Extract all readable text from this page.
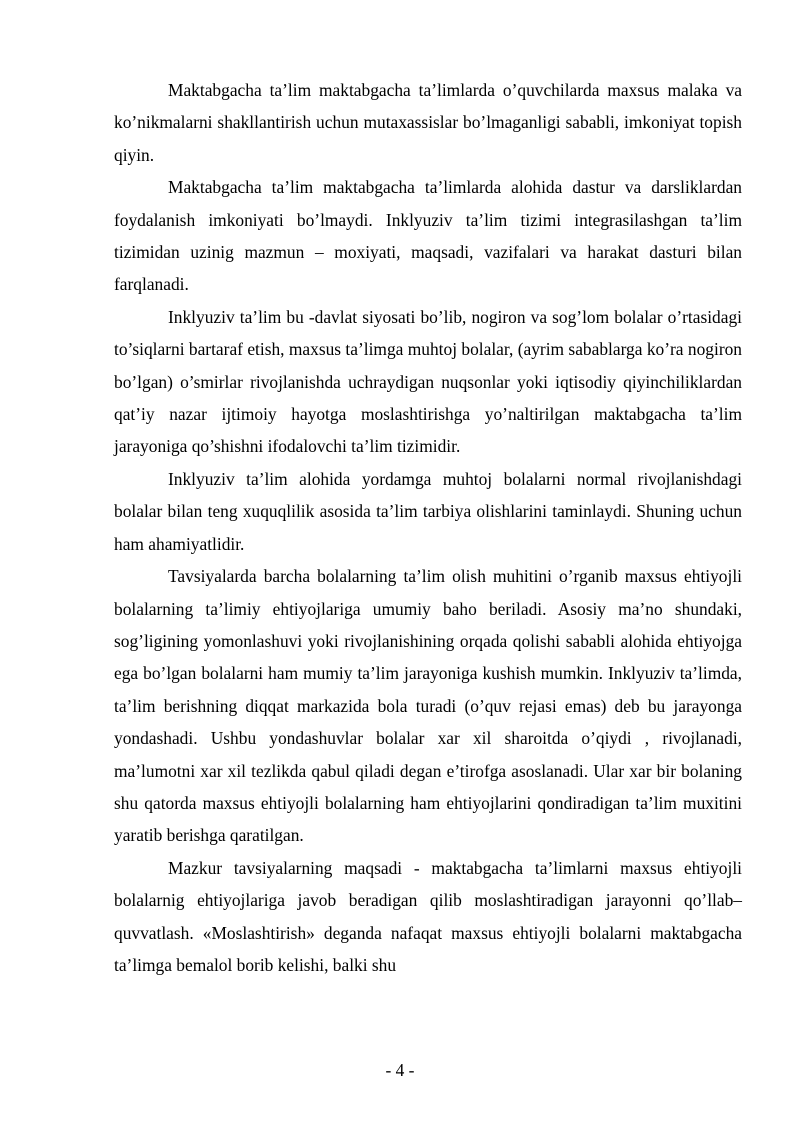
Maktabgacha ta’lim maktabgacha ta’limlarda o’quvchilarda maxsus malaka va ko’nikmalarni shakllantirish uchun mutaxassislar bo’lmaganligi sababli, imkoniyat topish qiyin.

Maktabgacha ta’lim maktabgacha ta’limlarda alohida dastur va darsliklardan foydalanish imkoniyati bo’lmaydi. Inklyuziv ta’lim tizimi integrasilashgan ta’lim tizimidan uzinig mazmun – moxiyati, maqsadi, vazifalari va harakat dasturi bilan farqlanadi.

Inklyuziv ta’lim bu -davlat siyosati bo’lib, nogiron va sog’lom bolalar o’rtasidagi to’siqlarni bartaraf etish, maxsus ta’limga muhtoj bolalar, (ayrim sabablarga ko’ra nogiron bo’lgan) o’smirlar rivojlanishda uchraydigan nuqsonlar yoki iqtisodiy qiyinchiliklardan qat’iy nazar ijtimoiy hayotga moslashtirishga yo’naltirilgan maktabgacha ta’lim jarayoniga qo’shishni ifodalovchi ta’lim tizimidir.

Inklyuziv ta’lim alohida yordamga muhtoj bolalarni normal rivojlanishdagi bolalar bilan teng xuquqlilik asosida ta’lim tarbiya olishlarini taminlaydi. Shuning uchun ham ahamiyatlidir.

Tavsiyalarda barcha bolalarning ta’lim olish muhitini o’rganib maxsus ehtiyojli bolalarning ta’limiy ehtiyojlariga umumiy baho beriladi. Asosiy ma’no shundaki, sog’ligining yomonlashuvi yoki rivojlanishining orqada qolishi sababli alohida ehtiyojga ega bo’lgan bolalarni ham mumiy ta’lim jarayoniga kushish mumkin. Inklyuziv ta’limda, ta’lim berishning diqqat markazida bola turadi (o’quv rejasi emas) deb bu jarayonga yondashadi. Ushbu yondashuvlar bolalar xar xil sharoitda o’qiydi , rivojlanadi, ma’lumotni xar xil tezlikda qabul qiladi degan e’tirofga asoslanadi. Ular xar bir bolaning shu qatorda maxsus ehtiyojli bolalarning ham ehtiyojlarini qondiradigan ta’lim muxitini yaratib berishga qaratilgan.

Mazkur tavsiyalarning maqsadi - maktabgacha ta’limlarni maxsus ehtiyojli bolalarnig ehtiyojlariga javob beradigan qilib moslashtiradigan jarayonni qo’llab– quvvatlash. «Moslashtirish» deganda nafaqat maxsus ehtiyojli bolalarni maktabgacha ta’limga bemalol borib kelishi, balki shu

- 4 -
